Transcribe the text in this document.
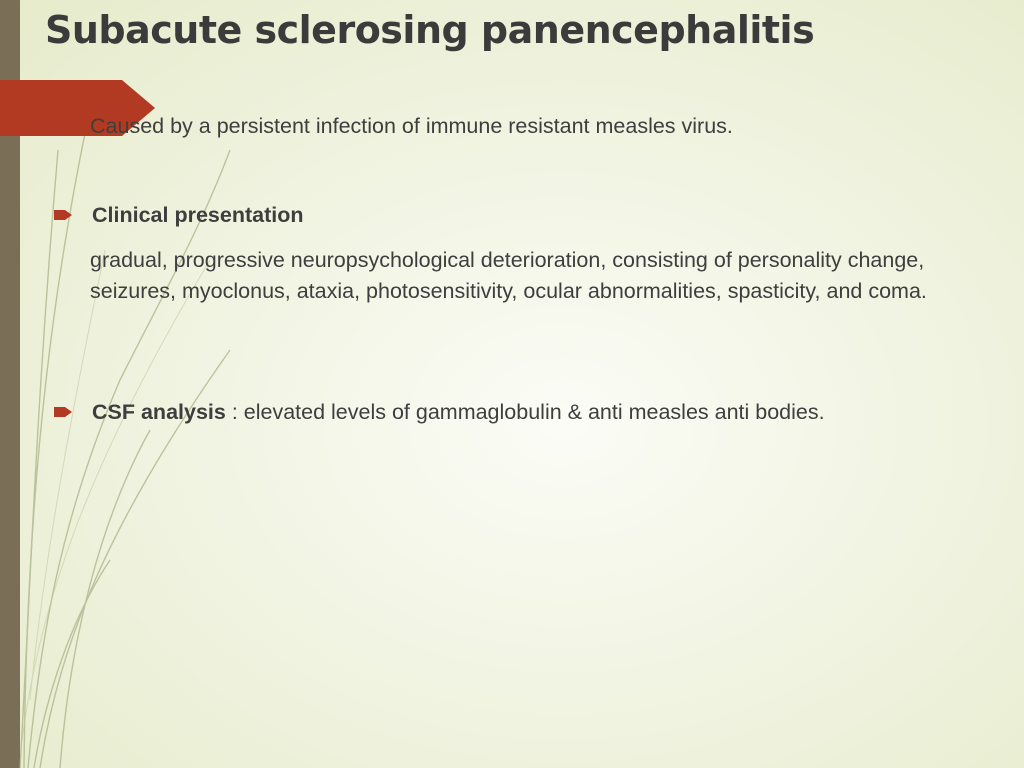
Subacute sclerosing panencephalitis
Caused by a persistent infection of immune resistant measles virus.
Clinical presentation
gradual, progressive neuropsychological deterioration, consisting of personality change, seizures, myoclonus, ataxia, photosensitivity, ocular abnormalities, spasticity, and coma.
CSF analysis : elevated levels of gammaglobulin & anti measles anti bodies.
